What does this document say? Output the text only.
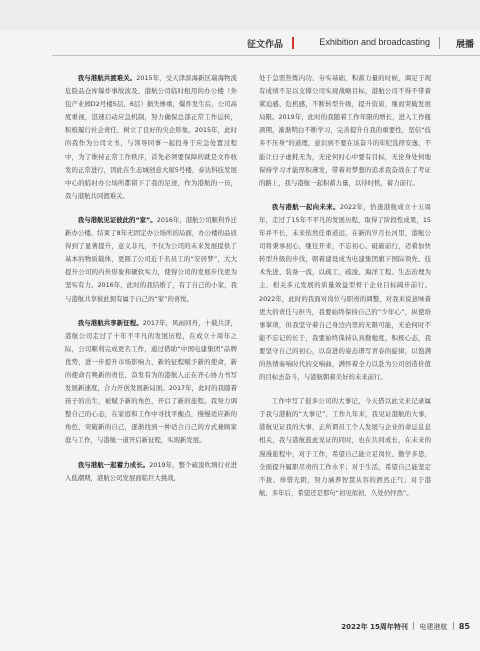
征文作品	Exhibition and broadcasting	展播

我与港航共渡难关。2015年，受天津滨海新区瑞海物流危险品仓库爆炸事故波及，港航公司临时租用的办公楼（外包产业园D2号楼5层、6层）损失惨重，爆炸发生后，公司高度重视，迅速启动应急机制，努力确保总部正常工作运转，积极履行社会责任，树立了良好的央企形象。2015年，此时的我作为公司文书，与领导同事一起投身于应急处置过程中，为了维持正常工作秩序，首先必须要保障的就是文件收发的正常进行，因此在生态城创意大厦5号楼，泰达科技发展中心的临时办公场所都留下了我的足迹，作为港航的一员，我与港航共同渡难关。

我与港航见证彼此的“家”。2016年，港航公司顺利乔迁新办公楼，结束了8年无固定办公场所的局面，办公楼的品质得到了显著提升，意义非凡，不仅为公司的未来发展提供了基本的物质载体，更圆了公司近千名员工的“安居梦”，大大提升公司的内外形象和硬软实力，使得公司的发展步伐更为坚实有力。2016年，此时的我结婚了，有了自己的小家，我与港航共享彼此拥有属于自己的“家”的喜悦。

我与港航共享新征程。2017年，风雨同舟，十载共济，港航公司走过了十年不平凡的发展历程，在成立十周年之际，公司顺利完成更名工作，通过借助“中国电建集团”品牌优势，进一步提升市场影响力，新的征程赋予新的使命，新的使命召唤新的责任，奋发有为的港航人正在齐心协力书写发展新速度，合力开创发展新局面。2017年，此时的我随着孩子的出生，被赋予新的角色，开启了新的旅程。我努力调整自己的心态，在家庭和工作中寻找平衡点，慢慢适应新的角色，突破新的自己，逐渐找到一种适合自己的方式兼顾家庭与工作，与港航一道开启新征程，实现新发展。

我与港航一起蓄力成长。2019年，整个疏浚吹填行业进入低潮期，港航公司发展面临巨大挑战，

处于急需焦炼内功、夯实基础、积蓄力量的时候，调足于现有成绩不足以支撑公司实现战略目标，港航公司不得不带着紧迫感、危机感，不断转型升级，提升资质，继而突破发展局限。2019年，此时的我随着工作年限的增长，进入工作瓶颈期，渐渐明白不断学习，完善提升自我的重要性，坚信“技多不压身”的道理，意识到不要在该奋斗的年纪选择安逸，不能让日子虚耗无为，无论何时心中要有目标，无论身处何地保持学习才能厚积薄发，带着对梦想的追求我奋战在了考证的路上，我与港航一起积蓄力量，以待时机，蓄力前行。

我与港航一起向未来。2022年，恰逢港航成立十五周年，走过了15年不平凡的发展历程，取得了阶段性成果，15年并不长，未来依然任重道远，在新的岁月长河里，港航公司将秉承初心，继往开来，不忘初心、砥砺前行，迈着加快转型升级的步伐，朝着建设成为电建集团旗下国际领先、技术先进、装备一流，以疏工、疏浚、海洋工程、生态治理为主，相关多元发展的质量效益型骨干企业目标阔步前行。2022年，此时的我面对岗位与职责的调整，对我来说意味着更大的责任与担当，我要始终保持自己的“少年心”，纵使培事掌琐，但我坚守着自己身边内里的无限可能，无论何时不能不忘记的长于，我要始终保持认真勤勉度，积极心态，我要坚守自己的初心，以奋进的姿态谱写青春的旋律，以饱满的热情奏响时代的交响曲，满怀着全力以赴为公司创造价值的目标去奋斗，与港航朝着美好的未来前行。

工作中写了很多公司的大事记，今天借以此文来记录属于我与港航的“大事记”，工作九年来，我见证港航的大事，港航见证我的大事，正所谓员工个人发展与企业的命运息息相关，我与港航鼓此见证的同时，也在共同成长，在未来的漫漫旅程中，对于工作，希望自己能立足岗位、勤学多思，全面提升履职尽责的工作水平；对于生活，希望自己能坚定不拔、珍惜光阴，努力涵养智慧从容的洒然正气；对于港航，多年后，希望还是那句“初见似初，久处仍怦然”。

2022年 15周年特刊 电建港航 85
